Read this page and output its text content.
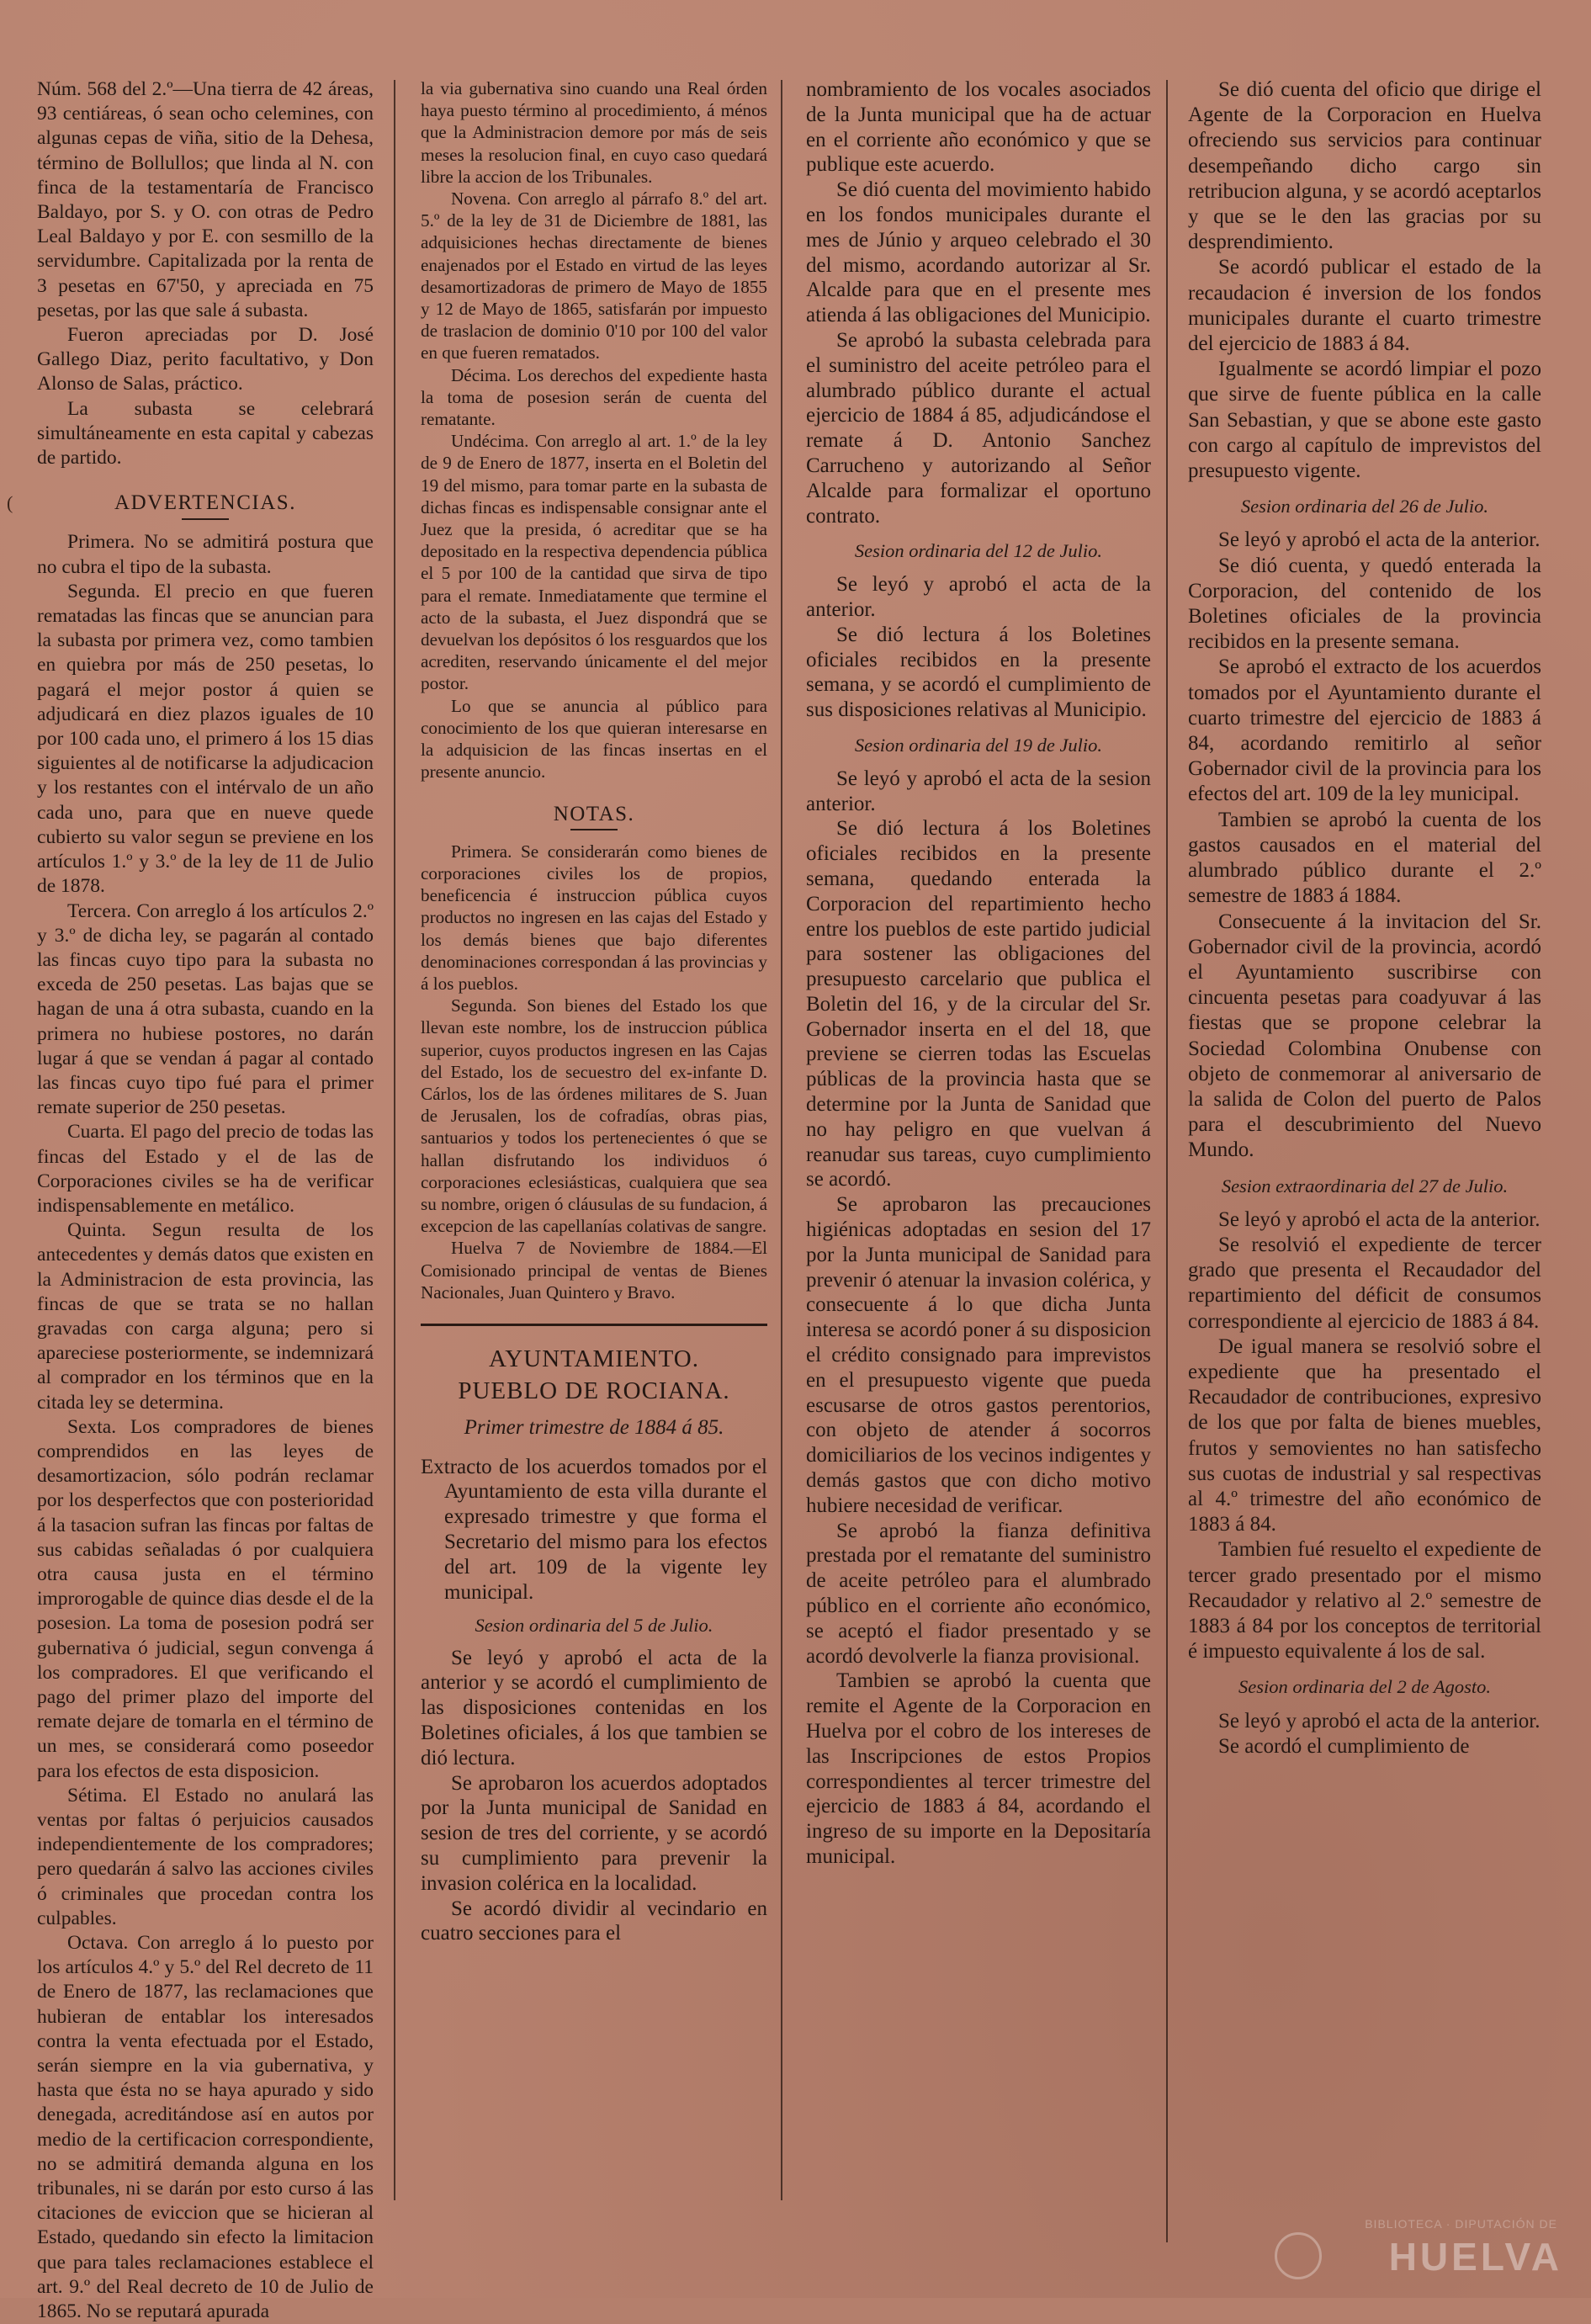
(

Núm. 568 del 2.º—Una tierra de 42 áreas, 93 centiáreas, ó sean ocho celemines, con algunas cepas de viña, sitio de la Dehesa, término de Bollullos; que linda al N. con finca de la testamentaría de Francisco Baldayo, por S. y O. con otras de Pedro Leal Baldayo y por E. con sesmillo de la servidumbre. Capitalizada por la renta de 3 pesetas en 67'50, y apreciada en 75 pesetas, por las que sale á subasta.

Fueron apreciadas por D. José Gallego Diaz, perito facultativo, y Don Alonso de Salas, práctico.

La subasta se celebrará simultáneamente en esta capital y cabezas de partido.

ADVERTENCIAS.

Primera. No se admitirá postura que no cubra el tipo de la subasta.

Segunda. El precio en que fueren rematadas las fincas que se anuncian para la subasta por primera vez, como tambien en quiebra por más de 250 pesetas, lo pagará el mejor postor á quien se adjudicará en diez plazos iguales de 10 por 100 cada uno, el primero á los 15 dias siguientes al de notificarse la adjudicacion y los restantes con el intérvalo de un año cada uno, para que en nueve quede cubierto su valor segun se previene en los artículos 1.º y 3.º de la ley de 11 de Julio de 1878.

Tercera. Con arreglo á los artículos 2.º y 3.º de dicha ley, se pagarán al contado las fincas cuyo tipo para la subasta no exceda de 250 pesetas. Las bajas que se hagan de una á otra subasta, cuando en la primera no hubiese postores, no darán lugar á que se vendan á pagar al contado las fincas cuyo tipo fué para el primer remate superior de 250 pesetas.

Cuarta. El pago del precio de todas las fincas del Estado y el de las de Corporaciones civiles se ha de verificar indispensablemente en metálico.

Quinta. Segun resulta de los antecedentes y demás datos que existen en la Administracion de esta provincia, las fincas de que se trata se no hallan gravadas con carga alguna; pero si apareciese posteriormente, se indemnizará al comprador en los términos que en la citada ley se determina.

Sexta. Los compradores de bienes comprendidos en las leyes de desamortizacion, sólo podrán reclamar por los desperfectos que con posterioridad á la tasacion sufran las fincas por faltas de sus cabidas señaladas ó por cualquiera otra causa justa en el término improrogable de quince dias desde el de la posesion. La toma de posesion podrá ser gubernativa ó judicial, segun convenga á los compradores. El que verificando el pago del primer plazo del importe del remate dejare de tomarla en el término de un mes, se considerará como poseedor para los efectos de esta disposicion.

Sétima. El Estado no anulará las ventas por faltas ó perjuicios causados independientemente de los compradores; pero quedarán á salvo las acciones civiles ó criminales que procedan contra los culpables.

Octava. Con arreglo á lo puesto por los artículos 4.º y 5.º del Rel decreto de 11 de Enero de 1877, las reclamaciones que hubieran de entablar los interesados contra la venta efectuada por el Estado, serán siempre en la via gubernativa, y hasta que ésta no se haya apurado y sido denegada, acreditándose así en autos por medio de la certificacion correspondiente, no se admitirá demanda alguna en los tribunales, ni se darán por esto curso á las citaciones de eviccion que se hicieran al Estado, quedando sin efecto la limitacion que para tales reclamaciones establece el art. 9.º del Real decreto de 10 de Julio de 1865. No se reputará apurada

la via gubernativa sino cuando una Real órden haya puesto término al procedimiento, á ménos que la Administracion demore por más de seis meses la resolucion final, en cuyo caso quedará libre la accion de los Tribunales.

Novena. Con arreglo al párrafo 8.º del art. 5.º de la ley de 31 de Diciembre de 1881, las adquisiciones hechas directamente de bienes enajenados por el Estado en virtud de las leyes desamortizadoras de primero de Mayo de 1855 y 12 de Mayo de 1865, satisfarán por impuesto de traslacion de dominio 0'10 por 100 del valor en que fueren rematados.

Décima. Los derechos del expediente hasta la toma de posesion serán de cuenta del rematante.

Undécima. Con arreglo al art. 1.º de la ley de 9 de Enero de 1877, inserta en el Boletin del 19 del mismo, para tomar parte en la subasta de dichas fincas es indispensable consignar ante el Juez que la presida, ó acreditar que se ha depositado en la respectiva dependencia pública el 5 por 100 de la cantidad que sirva de tipo para el remate. Inmediatamente que termine el acto de la subasta, el Juez dispondrá que se devuelvan los depósitos ó los resguardos que los acrediten, reservando únicamente el del mejor postor.

Lo que se anuncia al público para conocimiento de los que quieran interesarse en la adquisicion de las fincas insertas en el presente anuncio.

NOTAS.

Primera. Se considerarán como bienes de corporaciones civiles los de propios, beneficencia é instruccion pública cuyos productos no ingresen en las cajas del Estado y los demás bienes que bajo diferentes denominaciones correspondan á las provincias y á los pueblos.

Segunda. Son bienes del Estado los que llevan este nombre, los de instruccion pública superior, cuyos productos ingresen en las Cajas del Estado, los de secuestro del ex-infante D. Cárlos, los de las órdenes militares de S. Juan de Jerusalen, los de cofradías, obras pias, santuarios y todos los pertenecientes ó que se hallan disfrutando los individuos ó corporaciones eclesiásticas, cualquiera que sea su nombre, origen ó cláusulas de su fundacion, á excepcion de las capellanías colativas de sangre.

Huelva 7 de Noviembre de 1884.—El Comisionado principal de ventas de Bienes Nacionales, Juan Quintero y Bravo.

AYUNTAMIENTO.

PUEBLO DE ROCIANA.

Primer trimestre de 1884 á 85.

Extracto de los acuerdos tomados por el Ayuntamiento de esta villa durante el expresado trimestre y que forma el Secretario del mismo para los efectos del art. 109 de la vigente ley municipal.

Sesion ordinaria del 5 de Julio.

Se leyó y aprobó el acta de la anterior y se acordó el cumplimiento de las disposiciones contenidas en los Boletines oficiales, á los que tambien se dió lectura.

Se aprobaron los acuerdos adoptados por la Junta municipal de Sanidad en sesion de tres del corriente, y se acordó su cumplimiento para prevenir la invasion colérica en la localidad.

Se acordó dividir al vecindario en cuatro secciones para el

nombramiento de los vocales asociados de la Junta municipal que ha de actuar en el corriente año económico y que se publique este acuerdo.

Se dió cuenta del movimiento habido en los fondos municipales durante el mes de Júnio y arqueo celebrado el 30 del mismo, acordando autorizar al Sr. Alcalde para que en el presente mes atienda á las obligaciones del Municipio.

Se aprobó la subasta celebrada para el suministro del aceite petróleo para el alumbrado público durante el actual ejercicio de 1884 á 85, adjudicándose el remate á D. Antonio Sanchez Carrucheno y autorizando al Señor Alcalde para formalizar el oportuno contrato.

Sesion ordinaria del 12 de Julio.

Se leyó y aprobó el acta de la anterior.

Se dió lectura á los Boletines oficiales recibidos en la presente semana, y se acordó el cumplimiento de sus disposiciones relativas al Municipio.

Sesion ordinaria del 19 de Julio.

Se leyó y aprobó el acta de la sesion anterior.

Se dió lectura á los Boletines oficiales recibidos en la presente semana, quedando enterada la Corporacion del repartimiento hecho entre los pueblos de este partido judicial para sostener las obligaciones del presupuesto carcelario que publica el Boletin del 16, y de la circular del Sr. Gobernador inserta en el del 18, que previene se cierren todas las Escuelas públicas de la provincia hasta que se determine por la Junta de Sanidad que no hay peligro en que vuelvan á reanudar sus tareas, cuyo cumplimiento se acordó.

Se aprobaron las precauciones higiénicas adoptadas en sesion del 17 por la Junta municipal de Sanidad para prevenir ó atenuar la invasion colérica, y consecuente á lo que dicha Junta interesa se acordó poner á su disposicion el crédito consignado para imprevistos en el presupuesto vigente que pueda escusarse de otros gastos perentorios, con objeto de atender á socorros domiciliarios de los vecinos indigentes y demás gastos que con dicho motivo hubiere necesidad de verificar.

Se aprobó la fianza definitiva prestada por el rematante del suministro de aceite petróleo para el alumbrado público en el corriente año económico, se aceptó el fiador presentado y se acordó devolverle la fianza provisional.

Tambien se aprobó la cuenta que remite el Agente de la Corporacion en Huelva por el cobro de los intereses de las Inscripciones de estos Propios correspondientes al tercer trimestre del ejercicio de 1883 á 84, acordando el ingreso de su importe en la Depositaría municipal.

Se dió cuenta del oficio que dirige el Agente de la Corporacion en Huelva ofreciendo sus servicios para continuar desempeñando dicho cargo sin retribucion alguna, y se acordó aceptarlos y que se le den las gracias por su desprendimiento.

Se acordó publicar el estado de la recaudacion é inversion de los fondos municipales durante el cuarto trimestre del ejercicio de 1883 á 84.

Igualmente se acordó limpiar el pozo que sirve de fuente pública en la calle San Sebastian, y que se abone este gasto con cargo al capítulo de imprevistos del presupuesto vigente.

Sesion ordinaria del 26 de Julio.

Se leyó y aprobó el acta de la anterior.

Se dió cuenta, y quedó enterada la Corporacion, del contenido de los Boletines oficiales de la provincia recibidos en la presente semana.

Se aprobó el extracto de los acuerdos tomados por el Ayuntamiento durante el cuarto trimestre del ejercicio de 1883 á 84, acordando remitirlo al señor Gobernador civil de la provincia para los efectos del art. 109 de la ley municipal.

Tambien se aprobó la cuenta de los gastos causados en el material del alumbrado público durante el 2.º semestre de 1883 á 1884.

Consecuente á la invitacion del Sr. Gobernador civil de la provincia, acordó el Ayuntamiento suscribirse con cincuenta pesetas para coadyuvar á las fiestas que se propone celebrar la Sociedad Colombina Onubense con objeto de conmemorar al aniversario de la salida de Colon del puerto de Palos para el descubrimiento del Nuevo Mundo.

Sesion extraordinaria del 27 de Julio.

Se leyó y aprobó el acta de la anterior.

Se resolvió el expediente de tercer grado que presenta el Recaudador del repartimiento del déficit de consumos correspondiente al ejercicio de 1883 á 84.

De igual manera se resolvió sobre el expediente que ha presentado el Recaudador de contribuciones, expresivo de los que por falta de bienes muebles, frutos y semovientes no han satisfecho sus cuotas de industrial y sal respectivas al 4.º trimestre del año económico de 1883 á 84.

Tambien fué resuelto el expediente de tercer grado presentado por el mismo Recaudador y relativo al 2.º semestre de 1883 á 84 por los conceptos de territorial é impuesto equivalente á los de sal.

Sesion ordinaria del 2 de Agosto.

Se leyó y aprobó el acta de la anterior.

Se acordó el cumplimiento de

BIBLIOTECA · DIPUTACIÓN DE
HUELVA
